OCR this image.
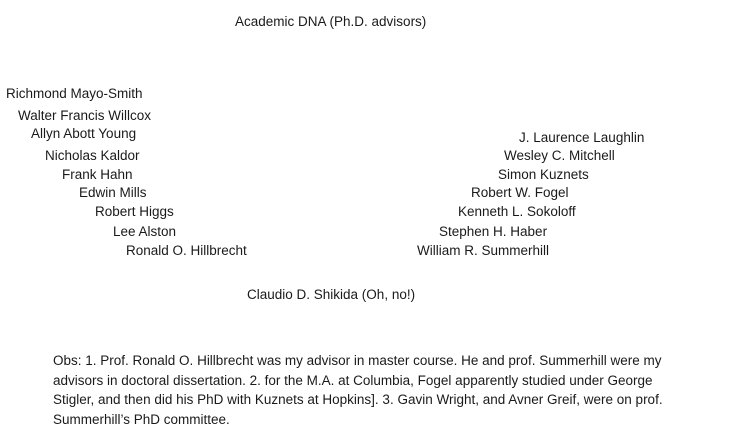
Academic DNA (Ph.D. advisors)
Richmond Mayo-Smith
Walter Francis Willcox
Allyn Abott Young
Nicholas Kaldor
Frank Hahn
Edwin Mills
Robert Higgs
Lee Alston
Ronald O. Hillbrecht
J. Laurence Laughlin
Wesley C. Mitchell
Simon Kuznets
Robert W. Fogel
Kenneth L. Sokoloff
Stephen H. Haber
William R. Summerhill
Claudio D. Shikida (Oh, no!)

Obs: 1. Prof. Ronald O. Hillbrecht was my advisor in master course. He and prof. Summerhill were my

advisors in doctoral dissertation. 2. for the M.A. at Columbia, Fogel apparently studied under George

Stigler, and then did his PhD with Kuznets at Hopkins]. 3. Gavin Wright, and Avner Greif, were on prof.

Summerhill’s PhD committee.
